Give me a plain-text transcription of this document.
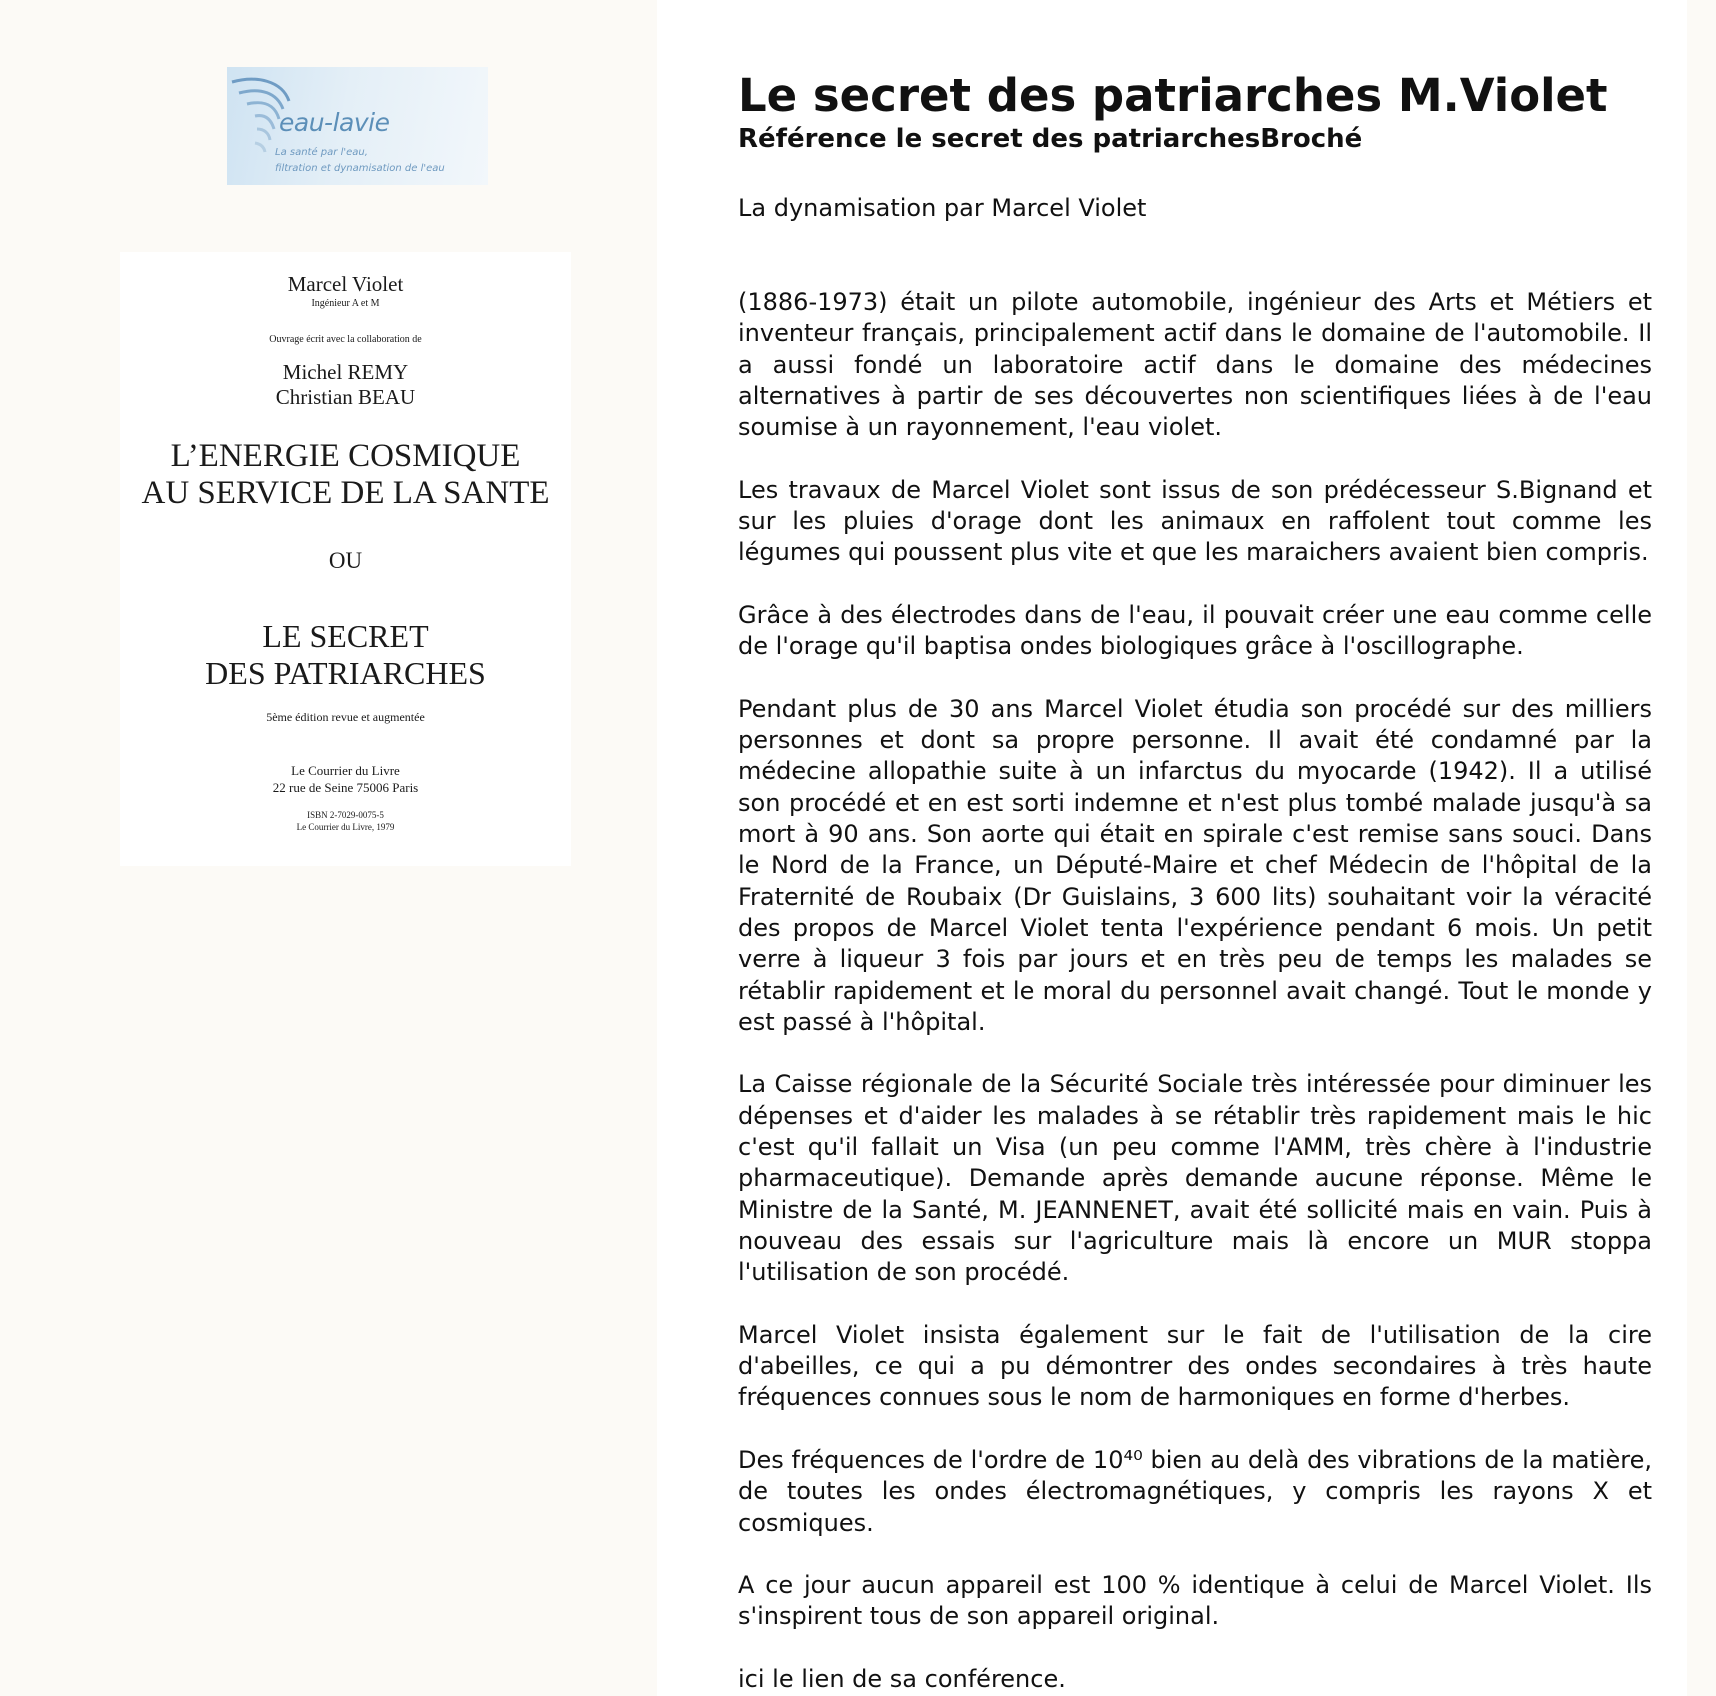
eau-lavie
La santé par l'eau,
filtration et dynamisation de l'eau
Marcel Violet
Ingénieur A et M
Ouvrage écrit avec la collaboration de
Michel REMY
Christian BEAU
L’ENERGIE COSMIQUE
AU SERVICE DE LA SANTE
OU
LE SECRET
DES PATRIARCHES
5ème édition revue et augmentée
Le Courrier du Livre
22 rue de Seine 75006 Paris
ISBN 2-7029-0075-5
Le Courrier du Livre, 1979
Le secret des patriarches M.Violet
Référence le secret des patriarchesBroché
La dynamisation par Marcel Violet

(1886-1973) était un pilote automobile, ingénieur des Arts et Métiers et inventeur français, principalement actif dans le domaine de l'automobile. Il a aussi fondé un laboratoire actif dans le domaine des médecines alternatives à partir de ses découvertes non scientifiques liées à de l'eau soumise à un rayonnement, l'eau violet.

Les travaux de Marcel Violet sont issus de son prédécesseur S.Bignand et sur les pluies d'orage dont les animaux en raffolent tout comme les légumes qui poussent plus vite et que les maraichers avaient bien compris.

Grâce à des électrodes dans de l'eau, il pouvait créer une eau comme celle de l'orage qu'il baptisa ondes biologiques grâce à l'oscillographe.

Pendant plus de 30 ans Marcel Violet étudia son procédé sur des milliers personnes et dont sa propre personne. Il avait été condamné par la médecine allopathie suite à un infarctus du myocarde (1942). Il a utilisé son procédé et en est sorti indemne et n'est plus tombé malade jusqu'à sa mort à 90 ans. Son aorte qui était en spirale c'est remise sans souci. Dans le Nord de la France, un Député-Maire et chef Médecin de l'hôpital de la Fraternité de Roubaix (Dr Guislains, 3 600 lits) souhaitant voir la véracité des propos de Marcel Violet tenta l'expérience pendant 6 mois. Un petit verre à liqueur 3 fois par jours et en très peu de temps les malades se rétablir rapidement et le moral du personnel avait changé. Tout le monde y est passé à l'hôpital.

La Caisse régionale de la Sécurité Sociale très intéressée pour diminuer les dépenses et d'aider les malades à se rétablir très rapidement mais le hic c'est qu'il fallait un Visa (un peu comme l'AMM, très chère à l'industrie pharmaceutique). Demande après demande aucune réponse. Même le Ministre de la Santé, M. JEANNENET, avait été sollicité mais en vain. Puis à nouveau des essais sur l'agriculture mais là encore un MUR stoppa l'utilisation de son procédé.

Marcel Violet insista également sur le fait de l'utilisation de la cire d'abeilles, ce qui a pu démontrer des ondes secondaires à très haute fréquences connues sous le nom de harmoniques en forme d'herbes.

Des fréquences de l'ordre de 10⁴⁰ bien au delà des vibrations de la matière, de toutes les ondes électromagnétiques, y compris les rayons X et cosmiques.

A ce jour aucun appareil est 100 % identique à celui de Marcel Violet. Ils s'inspirent tous de son appareil original.

ici le lien de sa conférence.
